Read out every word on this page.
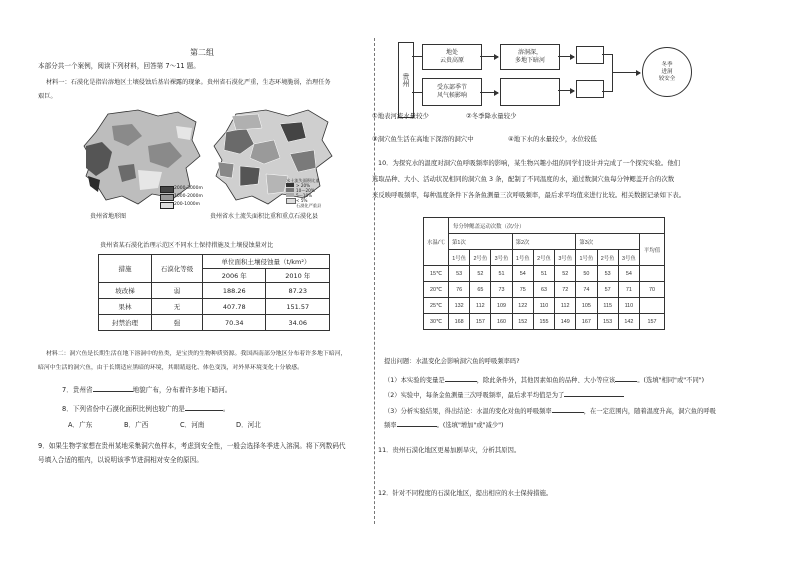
第二组
本部分共一个案例，阅读下列材料，回答第 7～11 题。
材料一：石漠化是指岩溶地区土壤侵蚀后基岩裸露的现象。贵州省石漠化严重，生态环境脆弱，治理任务
艰巨。
2000-3000m
1000-2000m
200-1000m
贵州省地形图
水土流失面积比重
> 20%
10～20%
5～10%
< 5%
石漠化严重县
贵州省水土流失面积比重和重点石漠化县
贵州省某石漠化治理示范区不同水土保持措施及土壤侵蚀量对比
措施	石漠化等级	单位面积土壤侵蚀量（t/km²）	
		2006 年	2010 年
坡改梯	弱	188.26	87.23
果林	无	407.78	151.57
封禁治理	强	70.34	34.06
材料二：洞穴鱼是长期生活在地下溶洞中的鱼类，是宝贵的生物种质资源。我国西南部分地区分布着许多地下暗河，
暗河中生活的洞穴鱼，由于长期适应黑暗的环境，其眼睛退化、体色变浅，对外界环境变化十分敏感。
7．贵州省	地貌广布，分布着许多地下暗河。
8．下列省份中石漠化面积比例也较广的是	。
A．广东	B．广西	C．河南	D．河北
9．如果生物学家想在贵州某地采集洞穴鱼样本，考虑到安全性，一般会选择冬季进入溶洞。将下列数码代
号填入合适的框内，以说明该季节进洞相对安全的原因。
贵州
地处
云贵高原
溶洞深，
多地下暗河
受东部季节
风气候影响
冬季
进洞
较安全
①地表河流水量较少	②冬季降水量较少
③洞穴鱼生活在高地下深溶的洞穴中	④地下水的水量较少，水位较低
10．为探究水的温度对洞穴鱼呼吸频率的影响，某生物兴趣小组的同学们设计并完成了一个探究实验。他们
选取品种、大小、活动状况相同的洞穴鱼 3 条，配制了不同温度的水，通过数洞穴鱼每分钟鳃盖开合的次数
来反映呼吸频率，每种温度条件下各条鱼测量三次呼吸频率，最后求平均值来进行比较。相关数据记录如下表。
水温/℃	每分钟鳃盖运动次数（次/分）									
	第1次			第2次			第3次			平均值
	1号鱼	2号鱼	3号鱼	1号鱼	2号鱼	3号鱼	1号鱼	2号鱼	3号鱼	
15℃	53	52	51	54	51	52	50	53	54	
20℃	76	65	73	75	63	72	74	57	71	70
25℃	132	112	109	122	110	112	105	115	110	
30℃	168	157	160	152	155	149	167	153	142	157
提出问题：水温变化会影响洞穴鱼的呼吸频率吗?
（1）本实验的变量是	，除此条件外，其他因素如鱼的品种、大小等应该	。(选填"相同"或"不同")
（2）实验中，每条金鱼测量三次呼吸频率，最后求平均值是为了
（3）分析实验结果，得出结论：水温的变化对鱼的呼吸频率	，在一定范围内，随着温度升高，洞穴鱼的呼吸
频率	。(选填"增加"或"减少")
11．贵州石漠化地区更易加剧旱灾，分析其原因。
12．针对不同程度的石漠化地区，提出相应的水土保持措施。
